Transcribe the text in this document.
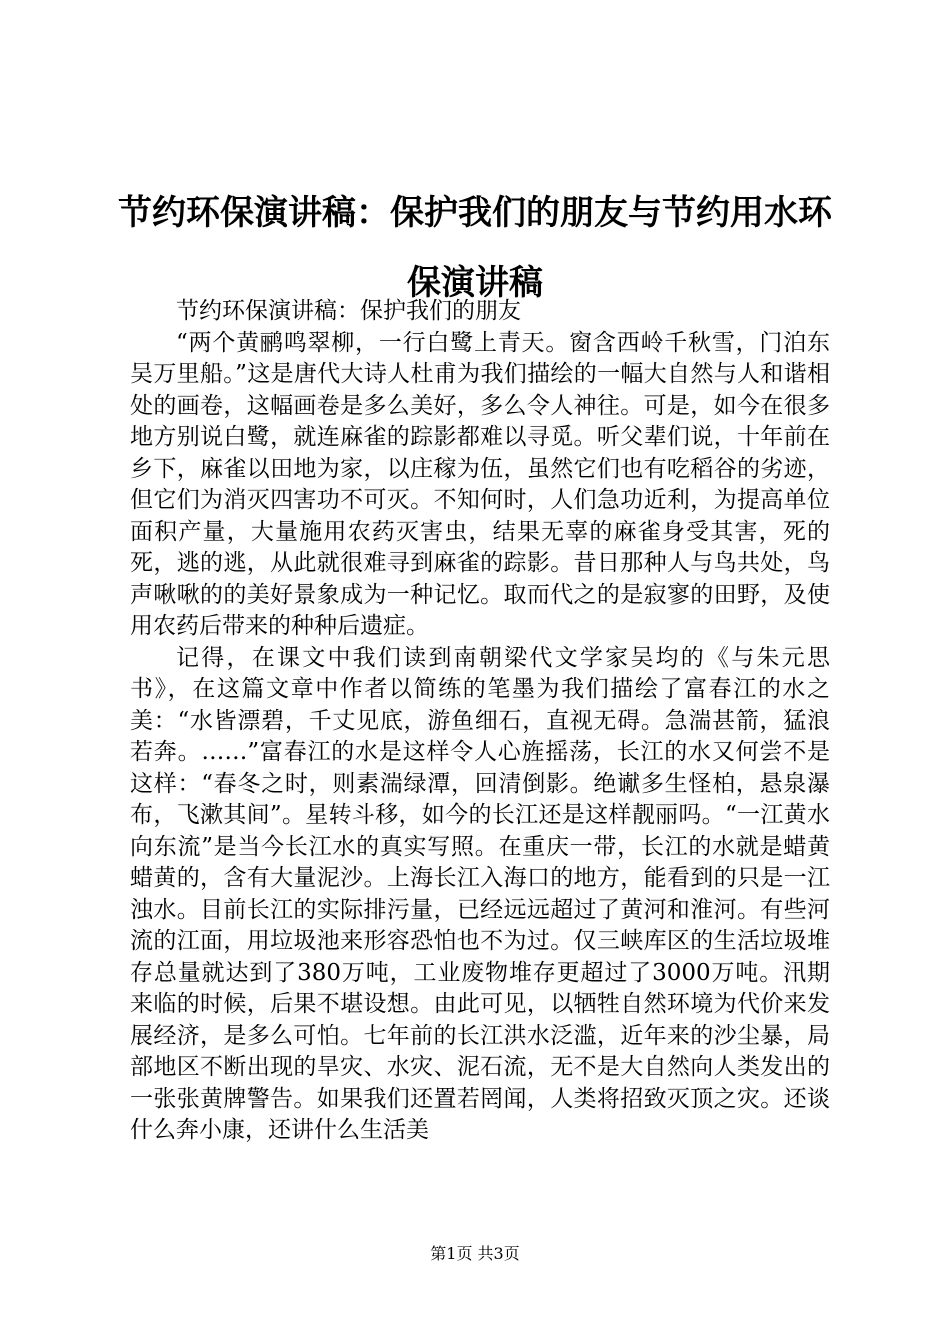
节约环保演讲稿：保护我们的朋友与节约用水环保演讲稿

节约环保演讲稿：保护我们的朋友

“两个黄鹂鸣翠柳，一行白鹭上青天。窗含西岭千秋雪，门泊东吴万里船。”这是唐代大诗人杜甫为我们描绘的一幅大自然与人和谐相处的画卷，这幅画卷是多么美好，多么令人神往。可是，如今在很多地方别说白鹭，就连麻雀的踪影都难以寻觅。听父辈们说，十年前在乡下，麻雀以田地为家，以庄稼为伍，虽然它们也有吃稻谷的劣迹，但它们为消灭四害功不可灭。不知何时，人们急功近利，为提高单位面积产量，大量施用农药灭害虫，结果无辜的麻雀身受其害，死的死，逃的逃，从此就很难寻到麻雀的踪影。昔日那种人与鸟共处，鸟声啾啾的的美好景象成为一种记忆。取而代之的是寂寥的田野，及使用农药后带来的种种后遗症。

记得，在课文中我们读到南朝梁代文学家吴均的《与朱元思书》，在这篇文章中作者以简练的笔墨为我们描绘了富春江的水之美：“水皆漂碧，千丈见底，游鱼细石，直视无碍。急湍甚箭，猛浪若奔。……”富春江的水是这样令人心旌摇荡，长江的水又何尝不是这样：“春冬之时，则素湍绿潭，回清倒影。绝谳多生怪柏，悬泉瀑布，飞漱其间”。星转斗移，如今的长江还是这样靓丽吗。“一江黄水向东流”是当今长江水的真实写照。在重庆一带，长江的水就是蜡黄蜡黄的，含有大量泥沙。上海长江入海口的地方，能看到的只是一江浊水。目前长江的实际排污量，已经远远超过了黄河和淮河。有些河流的江面，用垃圾池来形容恐怕也不为过。仅三峡库区的生活垃圾堆存总量就达到了380万吨，工业废物堆存更超过了3000万吨。汛期来临的时候，后果不堪设想。由此可见，以牺牲自然环境为代价来发展经济，是多么可怕。七年前的长江洪水泛滥，近年来的沙尘暴，局部地区不断出现的旱灾、水灾、泥石流，无不是大自然向人类发出的一张张黄牌警告。如果我们还置若罔闻，人类将招致灭顶之灾。还谈什么奔小康，还讲什么生活美

第1页 共3页
